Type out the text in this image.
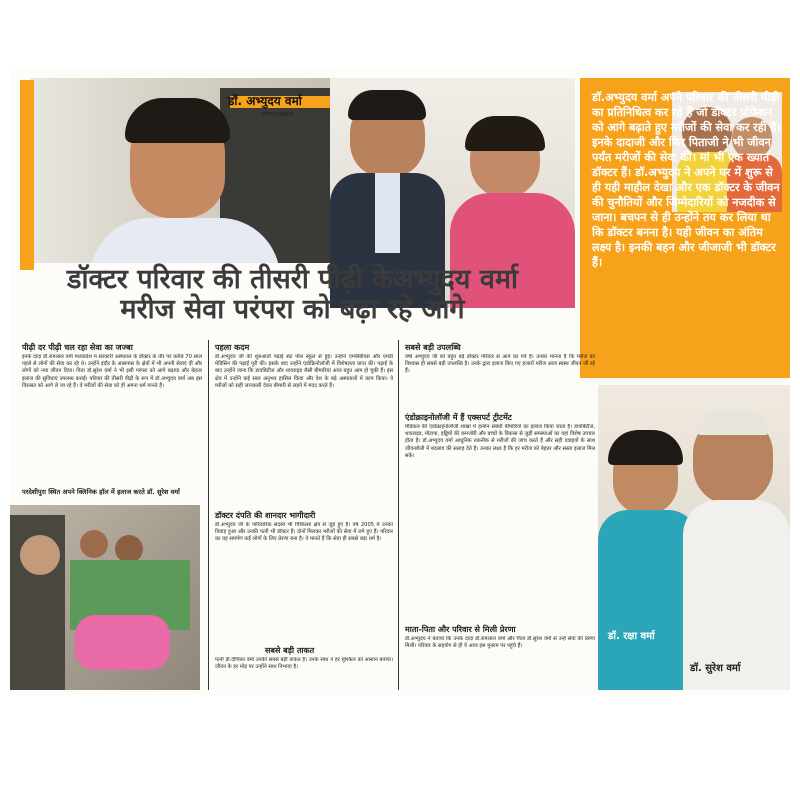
डॉ. अभ्युदय वर्मा
पत्रकार/लेखक
डॉ.अभ्युदय वर्मा अपने परिवार की तीसरी पीढ़ी का प्रतिनिधित्व कर रहे हैं जो डॉक्टर प्रोफेशन को आगे बढ़ाते हुए मरीजों की सेवा कर रही है। इनके दादाजी और फिर पिताजी ने भी जीवन पर्यंत मरीजों की सेवा की। मां भी एक ख्यात डॉक्टर हैं। डॉ.अभ्युदय ने अपने घर में शुरू से ही यही माहौल देखा और एक डॉक्टर के जीवन की चुनौतियों और जिम्मेदारियों को नजदीक से जाना। बचपन से ही उन्होंने तय कर लिया था कि डॉक्टर बनना है। यही जीवन का अंतिम लक्ष्य है। इनकी बहन और जीजाजी भी डॉक्टर हैं।
डॉक्टर परिवार की तीसरी पीढ़ी केअभ्युदय वर्मा
मरीज सेवा परंपरा को बढ़ा रहे आगे
पीढ़ी दर पीढ़ी चल रहा सेवा का जज्बा
इनके दादा डॉ.रामलाल वर्मा मध्यप्रदेश में सरकारी अस्पताल के डॉक्टर के तौर पर करीब 70 साल पहले से लोगों की सेवा कर रहे थे। उन्होंने इंदौर के आसपास के क्षेत्रों में भी अपनी सेवाएं दीं और लोगों को नया जीवन दिया। पिता डॉ.सुरेश वर्मा ने भी इसी परंपरा को आगे बढ़ाया और बेहतर इलाज की सुविधाएं उपलब्ध कराईं। परिवार की तीसरी पीढ़ी के रूप में डॉ.अभ्युदय वर्मा अब इस विरासत को आगे ले जा रहे हैं। वे मरीजों की सेवा को ही अपना धर्म मानते हैं।
परदेशीपुरा स्थित अपने क्लिनिक हॉल में इलाज करते डॉ. सुरेश वर्मा
पहला कदम
डॉ.अभ्युदय जी की शुरुआती पढ़ाई सेंट पॉल स्कूल से हुई। उन्होंने एमबीबीएस और एमडी मेडिसिन की पढ़ाई पूरी की। इसके बाद उन्होंने एंडोक्रिनोलॉजी में विशेषज्ञता प्राप्त की। पढ़ाई के बाद उन्होंने जाना कि डायबिटीज और थायराइड जैसी बीमारियां आज बहुत आम हो चुकी हैं। इस क्षेत्र में उन्होंने कई साल अनुभव हासिल किया और देश के बड़े अस्पतालों में काम किया। वे मरीजों को सही जानकारी देकर बीमारी से लड़ने में मदद करते हैं।
डॉक्टर दंपति की शानदार भागीदारी
डॉ.अभ्युदय जी के पारिवारिक सदस्य भी चिकित्सा क्षेत्र से जुड़े हुए हैं। वर्ष 2005 में उनका विवाह हुआ और उनकी पत्नी भी डॉक्टर हैं। दोनों मिलकर मरीजों की सेवा में लगे हुए हैं। परिवार का यह समर्पण कई लोगों के लिए प्रेरणा बना है। वे मानते हैं कि सेवा ही सबसे बड़ा धर्म है।
सबसे बड़ी ताकत
पत्नी डॉ.दीपिका वर्मा उनकी सबसे बड़ी ताकत हैं। उनके साथ ने हर मुश्किल को आसान बनाया। जीवन के हर मोड़ पर उन्होंने साथ निभाया है।
सबसे बड़ी उपलब्धि
वर्षा अभ्युदय जी को बहुत बड़े डॉक्टर परिवार से आने का गर्व है। उनका मानना है कि मरीज का विश्वास ही सबसे बड़ी उपलब्धि है। उनके द्वारा इलाज किए गए हजारों मरीज आज स्वस्थ जीवन जी रहे हैं।
एंडोक्राइनोलॉजी में हैं एक्सपर्ट ट्रीटमेंट
मेडिकल की एंडोक्राइनोलॉजी शाखा में हार्मोन संबंधी बीमारियों का इलाज किया जाता है। डायबिटीज, थायराइड, मोटापा, हड्डियों की कमजोरी और बच्चों के विकास से जुड़ी समस्याओं का यहां विशेष उपचार होता है। डॉ.अभ्युदय वर्मा आधुनिक तकनीक से मरीजों की जांच करते हैं और सही दवाइयों के साथ जीवनशैली में बदलाव की सलाह देते हैं। उनका लक्ष्य है कि हर मरीज को बेहतर और सस्ता इलाज मिल सके।
माता-पिता और परिवार से मिली प्रेरणा
डॉ.अभ्युदय ने बताया कि उनके दादा डॉ.रामलाल वर्मा और पिता डॉ.सुरेश वर्मा से उन्हें सेवा की प्रेरणा मिली। परिवार के सहयोग से ही वे आज इस मुकाम पर पहुंचे हैं।
डॉ. रक्षा वर्मा
डॉ. सुरेश वर्मा
